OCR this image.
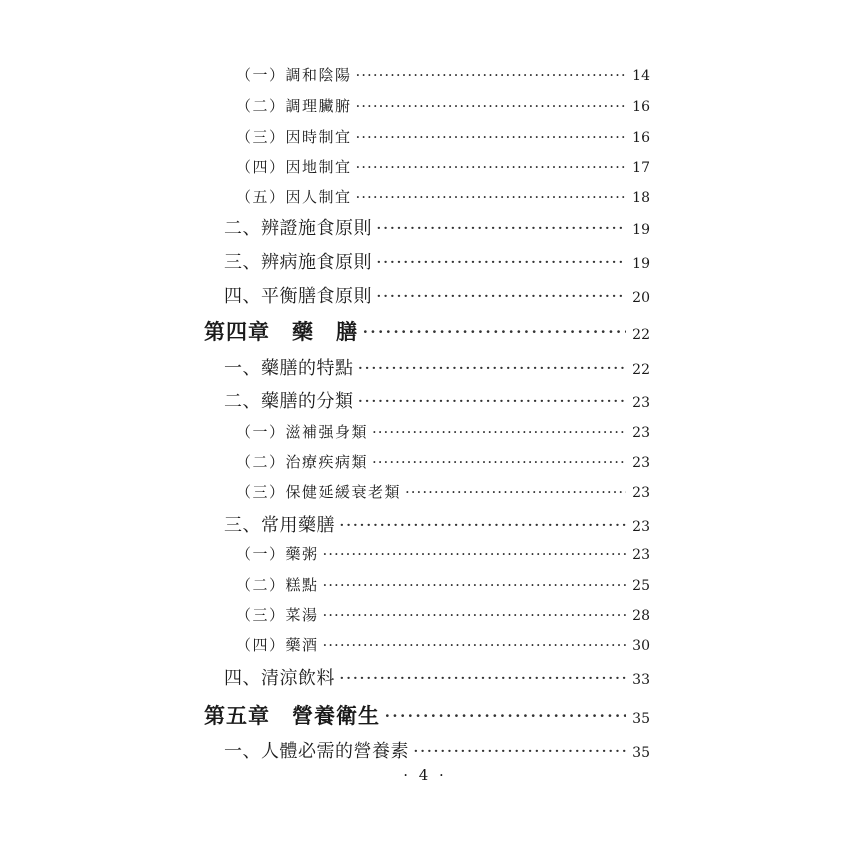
（一）調和陰陽 ·····	14
（二）調理臟腑 ·····	16
（三）因時制宜 ·····	16
（四）因地制宜 ·····	17
（五）因人制宜 ·····	18
二、辨證施食原則 ·····	19
三、辨病施食原則 ·····	19
四、平衡膳食原則 ·····	20
第四章　藥　膳 ·····	22
一、藥膳的特點 ·····	22
二、藥膳的分類 ·····	23
（一）滋補强身類 ·····	23
（二）治療疾病類 ·····	23
（三）保健延緩衰老類 ·····	23
三、常用藥膳 ·····	23
（一）藥粥 ·····	23
（二）糕點 ·····	25
（三）菜湯 ·····	28
（四）藥酒 ·····	30
四、清涼飲料 ·····	33
第五章　營養衛生 ·····	35
一、人體必需的營養素 ·····	35
· 4 ·
